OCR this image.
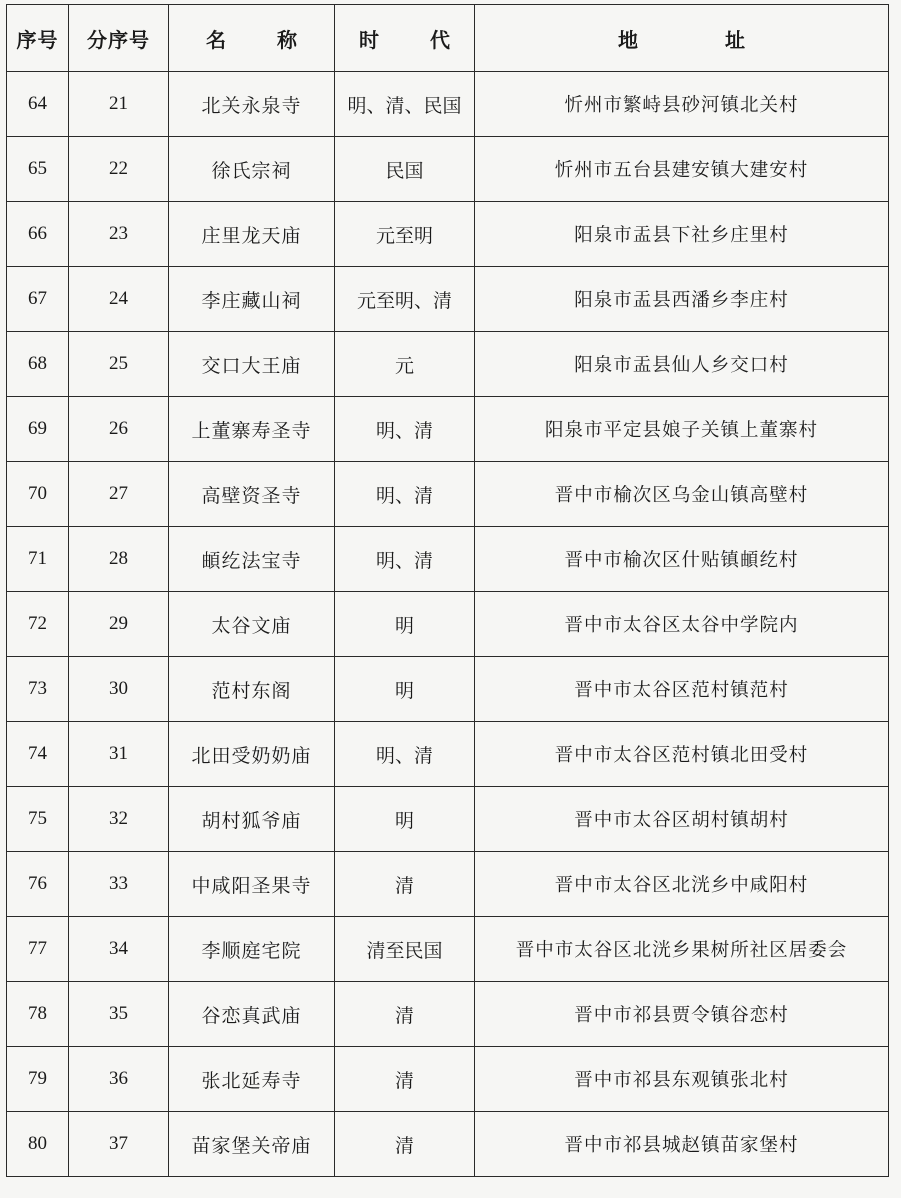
序号	分序号	名 称	时 代	地 址
64	21	北关永泉寺	明、清、民国	忻州市繁峙县砂河镇北关村
65	22	徐氏宗祠	民国	忻州市五台县建安镇大建安村
66	23	庄里龙天庙	元至明	阳泉市盂县下社乡庄里村
67	24	李庄藏山祠	元至明、清	阳泉市盂县西潘乡李庄村
68	25	交口大王庙	元	阳泉市盂县仙人乡交口村
69	26	上董寨寿圣寺	明、清	阳泉市平定县娘子关镇上董寨村
70	27	高壁资圣寺	明、清	晋中市榆次区乌金山镇高壁村
71	28	頔纥法宝寺	明、清	晋中市榆次区什贴镇頔纥村
72	29	太谷文庙	明	晋中市太谷区太谷中学院内
73	30	范村东阁	明	晋中市太谷区范村镇范村
74	31	北田受奶奶庙	明、清	晋中市太谷区范村镇北田受村
75	32	胡村狐爷庙	明	晋中市太谷区胡村镇胡村
76	33	中咸阳圣果寺	清	晋中市太谷区北洸乡中咸阳村
77	34	李顺庭宅院	清至民国	晋中市太谷区北洸乡果树所社区居委会
78	35	谷恋真武庙	清	晋中市祁县贾令镇谷恋村
79	36	张北延寿寺	清	晋中市祁县东观镇张北村
80	37	苗家堡关帝庙	清	晋中市祁县城赵镇苗家堡村
